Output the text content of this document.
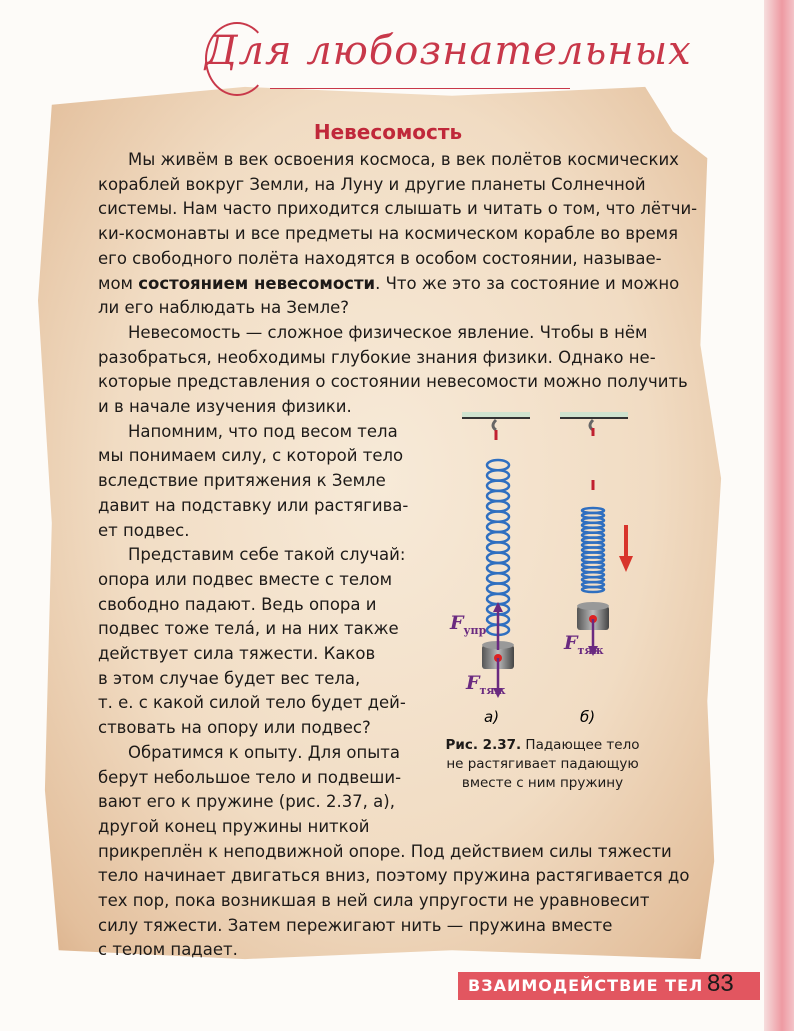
Для любознательных
Невесомость
Мы живём в век освоения космоса, в век полётов космических
кораблей вокруг Земли, на Луну и другие планеты Солнечной
системы. Нам часто приходится слышать и читать о том, что лётчи-
ки-космонавты и все предметы на космическом корабле во время
его свободного полёта находятся в особом состоянии, называе-
мом состоянием невесомости. Что же это за состояние и можно
ли его наблюдать на Земле?
Невесомость — сложное физическое явление. Чтобы в нём
разобраться, необходимы глубокие знания физики. Однако не-
которые представления о состоянии невесомости можно получить
и в начале изучения физики.
Напомним, что под весом тела
мы понимаем силу, с которой тело
вследствие притяжения к Земле
давит на подставку или растягива-
ет подвес.
Представим себе такой случай:
опора или подвес вместе с телом
свободно падают. Ведь опора и
подвес тоже тела́, и на них также
действует сила тяжести. Каков
в этом случае будет вес тела,
т. е. с какой силой тело будет дей-
ствовать на опору или подвес?
Обратимся к опыту. Для опыта
берут небольшое тело и подвеши-
вают его к пружине (рис. 2.37, а),
другой конец пружины ниткой
прикреплён к неподвижной опоре. Под действием силы тяжести
тело начинает двигаться вниз, поэтому пружина растягивается до
тех пор, пока возникшая в ней сила упругости не уравновесит
силу тяжести. Затем пережигают нить — пружина вместе
с телом падает.
$F_{упр}$
$F_{тяж}$
$F_{тяж}$
а)	б)
Рис. 2.37. Падающее тело
не растягивает падающую
вместе с ним пружину
ВЗАИМОДЕЙСТВИЕ ТЕЛ 83
